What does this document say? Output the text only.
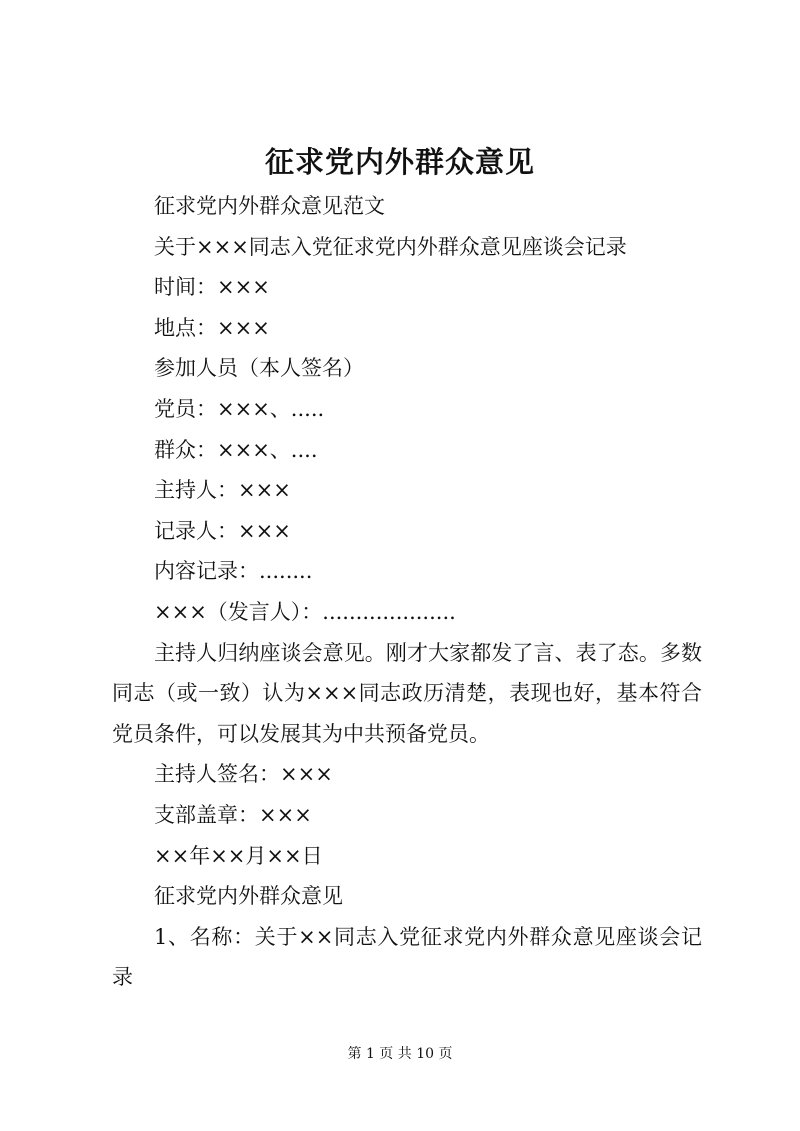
征求党内外群众意见

征求党内外群众意见范文

关于×××同志入党征求党内外群众意见座谈会记录

时间：×××

地点：×××

参加人员（本人签名）

党员：×××、.....

群众：×××、....

主持人：×××

记录人：×××

内容记录：........

×××（发言人）：....................

主持人归纳座谈会意见。刚才大家都发了言、表了态。多数同志（或一致）认为×××同志政历清楚，表现也好，基本符合党员条件，可以发展其为中共预备党员。

主持人签名：×××

支部盖章：×××

××年××月××日

征求党内外群众意见

1、名称：关于××同志入党征求党内外群众意见座谈会记录

第 1 页 共 10 页
